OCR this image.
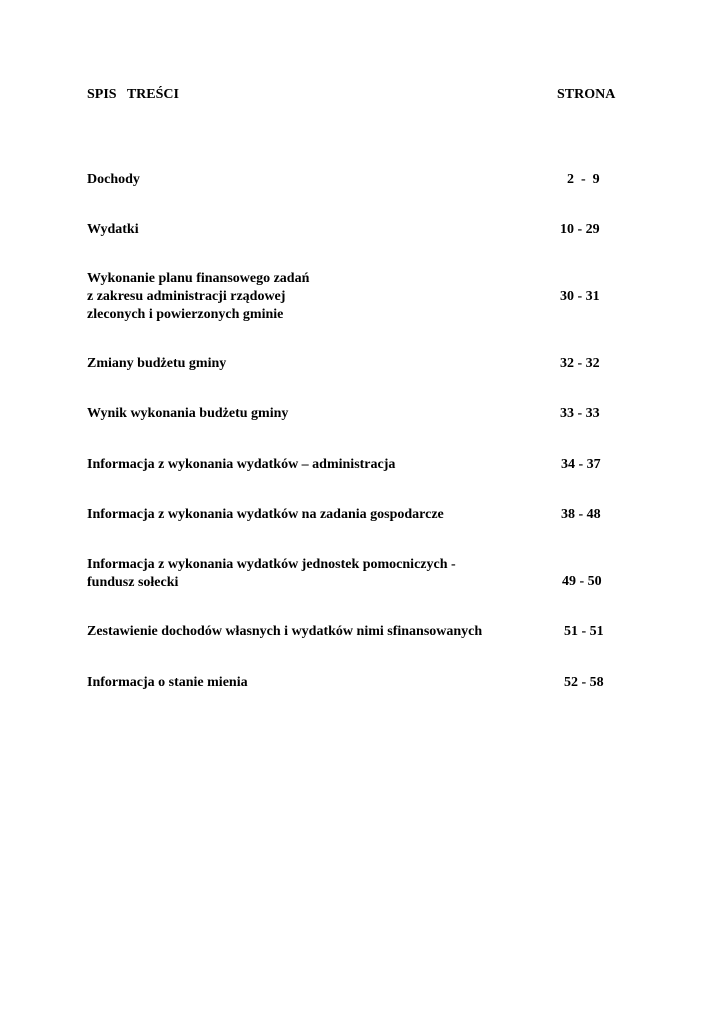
SPIS   TREŚCI	STRONA
Dochody	2  -  9
Wydatki	10 - 29
Wykonanie planu finansowego zadań
z zakresu administracji rządowej
zleconych i powierzonych gminie
30 - 31
Zmiany budżetu gminy	32 - 32
Wynik wykonania budżetu gminy	33 - 33
Informacja z wykonania wydatków – administracja	34 - 37
Informacja z wykonania wydatków na zadania gospodarcze	38 - 48
Informacja z wykonania wydatków jednostek pomocniczych -
fundusz sołecki	49 - 50
Zestawienie dochodów własnych i wydatków nimi sfinansowanych	51 - 51
Informacja o stanie mienia	52 - 58
